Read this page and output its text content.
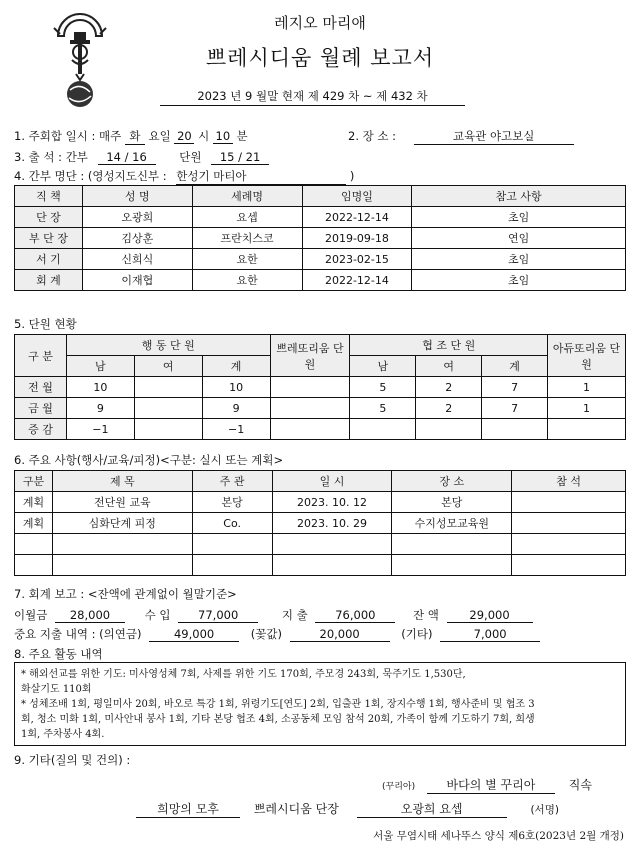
레지오 마리애
쁘레시디움 월례 보고서
2023 년 9 월말 현재 제 429 차 ~ 제 432 차
1. 주회합 일시 : 매주 화 요일 20 시 10 분	2. 장 소 :	교육관 야고보실
3. 출 석 : 간부 14 / 16	단원 15 / 21
4. 간부 명단 : (영성지도신부 : 한성기 마티아	)
직 책	성 명	세례명	임명일	참고 사항
단 장	오광희	요셉	2022-12-14	초임
부 단 장	김상훈	프란치스코	2019-09-18	연임
서 기	신희식	요한	2023-02-15	초임
회 계	이재협	요한	2022-12-14	초임
5. 단원 현황
구 분	행 동 단 원			쁘레또리움 단 원	협 조 단 원			아듀또리움 단 원
	남	여	계		남	여	계	
전 월	10		10		5	2	7	1
금 월	9		9		5	2	7	1
증 감	−1		−1					
6. 주요 사항(행사/교육/피정)<구분: 실시 또는 계획>
구분	제 목	주 관	일 시	장 소	참 석
계획	전단원 교육	본당	2023. 10. 12	본당	
계획	심화단계 피정	Co.	2023. 10. 29	수지성모교육원	

7. 회계 보고 : <잔액에 관계없이 월말기준>
이월금 28,000	수 입 77,000	지 출 76,000	잔 액	29,000
중요 지출 내역 : (의연금)	49,000	(꽃값)	20,000	(기타)	7,000
8. 주요 활동 내역
* 해외선교를 위한 기도: 미사영성체 7회, 사제를 위한 기도 170회, 주모경 243회, 묵주기도 1,530단,
화살기도 110회
* 성체조배 1회, 평일미사 20회, 바오로 특강 1회, 위령기도[연도] 2회, 입출관 1회, 장지수행 1회, 행사준비 및 협조 3
회, 청소 미화 1회, 미사안내 봉사 1회, 기타 본당 협조 4회, 소공동체 모임 참석 20회, 가족이 함께 기도하기 7회, 희생
1회, 주차봉사 4회.
9. 기타(질의 및 건의) :
(꾸리아)	바다의 별 꾸리아	직속
희망의 모후	쁘레시디움 단장	오광희 요셉	(서명)
서울 무염시태 세나뚜스 양식 제6호(2023년 2월 개정)
